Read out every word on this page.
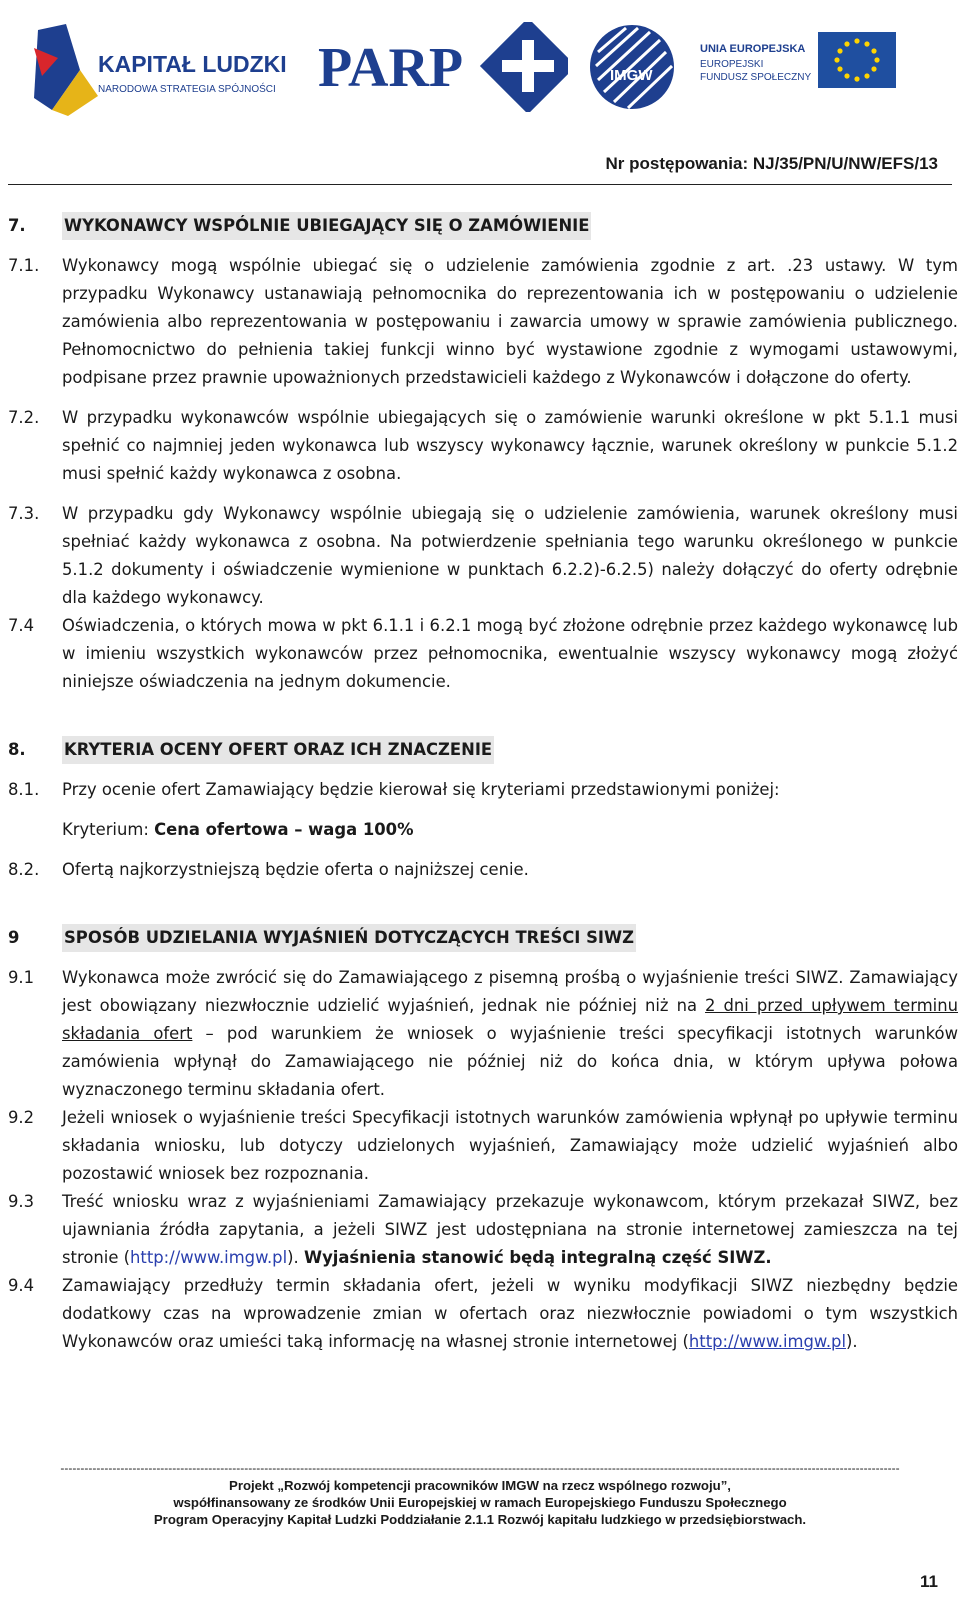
KAPITAŁ LUDZKI
NARODOWA STRATEGIA SPÓJNOŚCI PARP	IMGW
UNIA EUROPEJSKA
EUROPEJSKI
FUNDUSZ SPOŁECZNY
Nr postępowania: NJ/35/PN/U/NW/EFS/13
7.	WYKONAWCY WSPÓLNIE UBIEGAJĄCY SIĘ O ZAMÓWIENIE
7.1.	Wykonawcy mogą wspólnie ubiegać się o udzielenie zamówienia zgodnie z art. .23 ustawy. W tym przypadku Wykonawcy ustanawiają pełnomocnika do reprezentowania ich w postępowaniu o udzielenie zamówienia albo reprezentowania w postępowaniu i zawarcia umowy w sprawie zamówienia publicznego. Pełnomocnictwo do pełnienia takiej funkcji winno być wystawione zgodnie z wymogami ustawowymi, podpisane przez prawnie upoważnionych przedstawicieli każdego z Wykonawców i dołączone do oferty.
7.2.	W przypadku wykonawców wspólnie ubiegających się o zamówienie warunki określone w pkt 5.1.1 musi spełnić co najmniej jeden wykonawca lub wszyscy wykonawcy łącznie, warunek określony w punkcie 5.1.2 musi spełnić każdy wykonawca z osobna.
7.3.	W przypadku gdy Wykonawcy wspólnie ubiegają się o udzielenie zamówienia, warunek określony musi spełniać każdy wykonawca z osobna. Na potwierdzenie spełniania tego warunku określonego w punkcie 5.1.2 dokumenty i oświadczenie wymienione w punktach 6.2.2)-6.2.5) należy dołączyć do oferty odrębnie dla każdego wykonawcy.
7.4	Oświadczenia, o których mowa w pkt 6.1.1 i 6.2.1 mogą być złożone odrębnie przez każdego wykonawcę lub w imieniu wszystkich wykonawców przez pełnomocnika, ewentualnie wszyscy wykonawcy mogą złożyć niniejsze oświadczenia na jednym dokumencie.
8.	KRYTERIA OCENY OFERT ORAZ ICH ZNACZENIE
8.1.	Przy ocenie ofert Zamawiający będzie kierował się kryteriami przedstawionymi poniżej:
Kryterium: Cena ofertowa – waga 100%
8.2.	Ofertą najkorzystniejszą będzie oferta o najniższej cenie.
9	SPOSÓB UDZIELANIA WYJAŚNIEŃ DOTYCZĄCYCH TREŚCI SIWZ
9.1	Wykonawca może zwrócić się do Zamawiającego z pisemną prośbą o wyjaśnienie treści SIWZ. Zamawiający jest obowiązany niezwłocznie udzielić wyjaśnień, jednak nie później niż na 2 dni przed upływem terminu składania ofert – pod warunkiem że wniosek o wyjaśnienie treści specyfikacji istotnych warunków zamówienia wpłynął do Zamawiającego nie później niż do końca dnia, w którym upływa połowa wyznaczonego terminu składania ofert.
9.2	Jeżeli wniosek o wyjaśnienie treści Specyfikacji istotnych warunków zamówienia wpłynął po upływie terminu składania wniosku, lub dotyczy udzielonych wyjaśnień, Zamawiający może udzielić wyjaśnień albo pozostawić wniosek bez rozpoznania.
9.3	Treść wniosku wraz z wyjaśnieniami Zamawiający przekazuje wykonawcom, którym przekazał SIWZ, bez ujawniania źródła zapytania, a jeżeli SIWZ jest udostępniana na stronie internetowej zamieszcza na tej stronie (http://www.imgw.pl). Wyjaśnienia stanowić będą integralną część SIWZ.
9.4	Zamawiający przedłuży termin składania ofert, jeżeli w wyniku modyfikacji SIWZ niezbędny będzie dodatkowy czas na wprowadzenie zmian w ofertach oraz niezwłocznie powiadomi o tym wszystkich Wykonawców oraz umieści taką informację na własnej stronie internetowej (http://www.imgw.pl).
------------------------------------------------------------------------------------------------------------------------------------------------------------------------------------------------------------------
Projekt „Rozwój kompetencji pracowników IMGW na rzecz wspólnego rozwoju”,
współfinansowany ze środków Unii Europejskiej w ramach Europejskiego Funduszu Społecznego
Program Operacyjny Kapitał Ludzki Poddziałanie 2.1.1 Rozwój kapitału ludzkiego w przedsiębiorstwach.
11
